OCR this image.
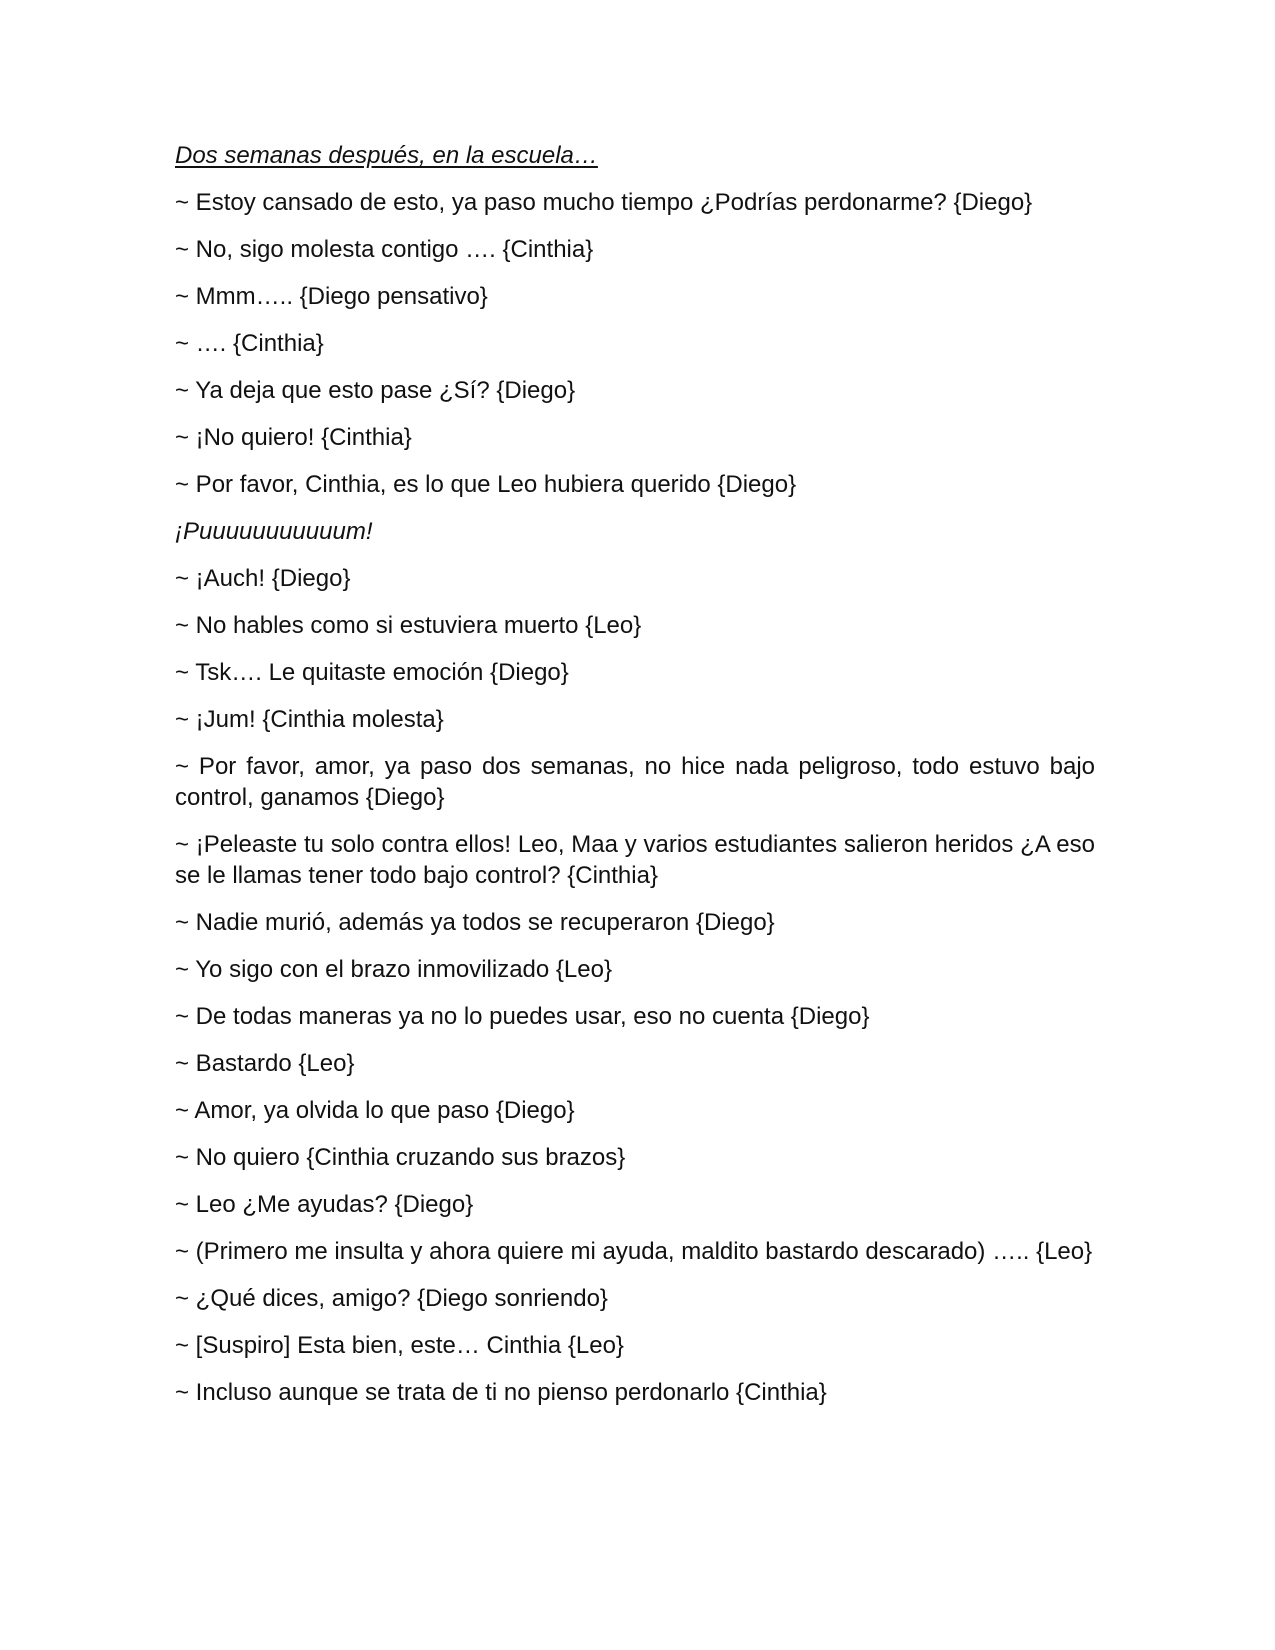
Dos semanas después, en la escuela…

~ Estoy cansado de esto, ya paso mucho tiempo ¿Podrías perdonarme? {Diego}

~ No, sigo molesta contigo …. {Cinthia}

~ Mmm….. {Diego pensativo}

~ …. {Cinthia}

~ Ya deja que esto pase ¿Sí? {Diego}

~ ¡No quiero! {Cinthia}

~ Por favor, Cinthia, es lo que Leo hubiera querido {Diego}

¡Puuuuuuuuuuum!

~ ¡Auch! {Diego}

~ No hables como si estuviera muerto {Leo}

~ Tsk…. Le quitaste emoción {Diego}

~ ¡Jum! {Cinthia molesta}

~ Por favor, amor, ya paso dos semanas, no hice nada peligroso, todo estuvo bajo control, ganamos {Diego}

~ ¡Peleaste tu solo contra ellos! Leo, Maa y varios estudiantes salieron heridos ¿A eso se le llamas tener todo bajo control? {Cinthia}

~ Nadie murió, además ya todos se recuperaron {Diego}

~ Yo sigo con el brazo inmovilizado {Leo}

~ De todas maneras ya no lo puedes usar, eso no cuenta {Diego}

~ Bastardo {Leo}

~ Amor, ya olvida lo que paso {Diego}

~ No quiero {Cinthia cruzando sus brazos}

~ Leo ¿Me ayudas? {Diego}

~ (Primero me insulta y ahora quiere mi ayuda, maldito bastardo descarado) ….. {Leo}

~ ¿Qué dices, amigo? {Diego sonriendo}

~ [Suspiro] Esta bien, este… Cinthia {Leo}

~ Incluso aunque se trata de ti no pienso perdonarlo {Cinthia}
